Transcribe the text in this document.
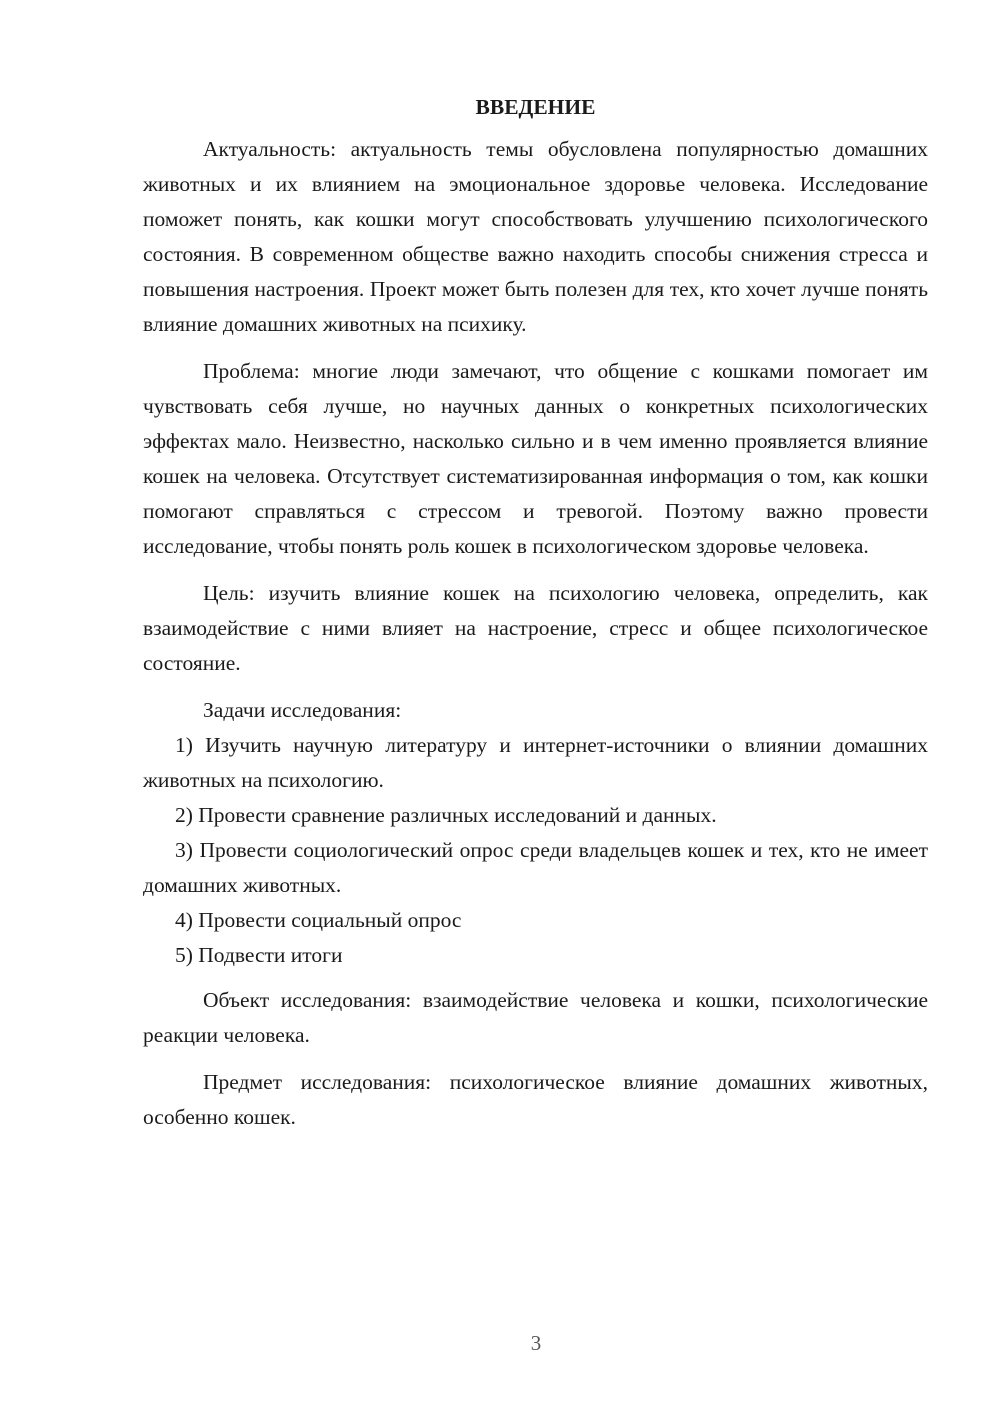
ВВЕДЕНИЕ

Актуальность: актуальность темы обусловлена популярностью домашних животных и их влиянием на эмоциональное здоровье человека. Исследование поможет понять, как кошки могут способствовать улучшению психологического состояния. В современном обществе важно находить способы снижения стресса и повышения настроения. Проект может быть полезен для тех, кто хочет лучше понять влияние домашних животных на психику.

Проблема: многие люди замечают, что общение с кошками помогает им чувствовать себя лучше, но научных данных о конкретных психологических эффектах мало. Неизвестно, насколько сильно и в чем именно проявляется влияние кошек на человека. Отсутствует систематизированная информация о том, как кошки помогают справляться с стрессом и тревогой. Поэтому важно провести исследование, чтобы понять роль кошек в психологическом здоровье человека.

Цель: изучить влияние кошек на психологию человека, определить, как взаимодействие с ними влияет на настроение, стресс и общее психологическое состояние.

Задачи исследования:

1) Изучить научную литературу и интернет-источники о влиянии домашних животных на психологию.

2) Провести сравнение различных исследований и данных.

3) Провести социологический опрос среди владельцев кошек и тех, кто не имеет домашних животных.

4) Провести социальный опрос

5) Подвести итоги

Объект исследования: взаимодействие человека и кошки, психологические реакции человека.

Предмет исследования: психологическое влияние домашних животных, особенно кошек.

3
